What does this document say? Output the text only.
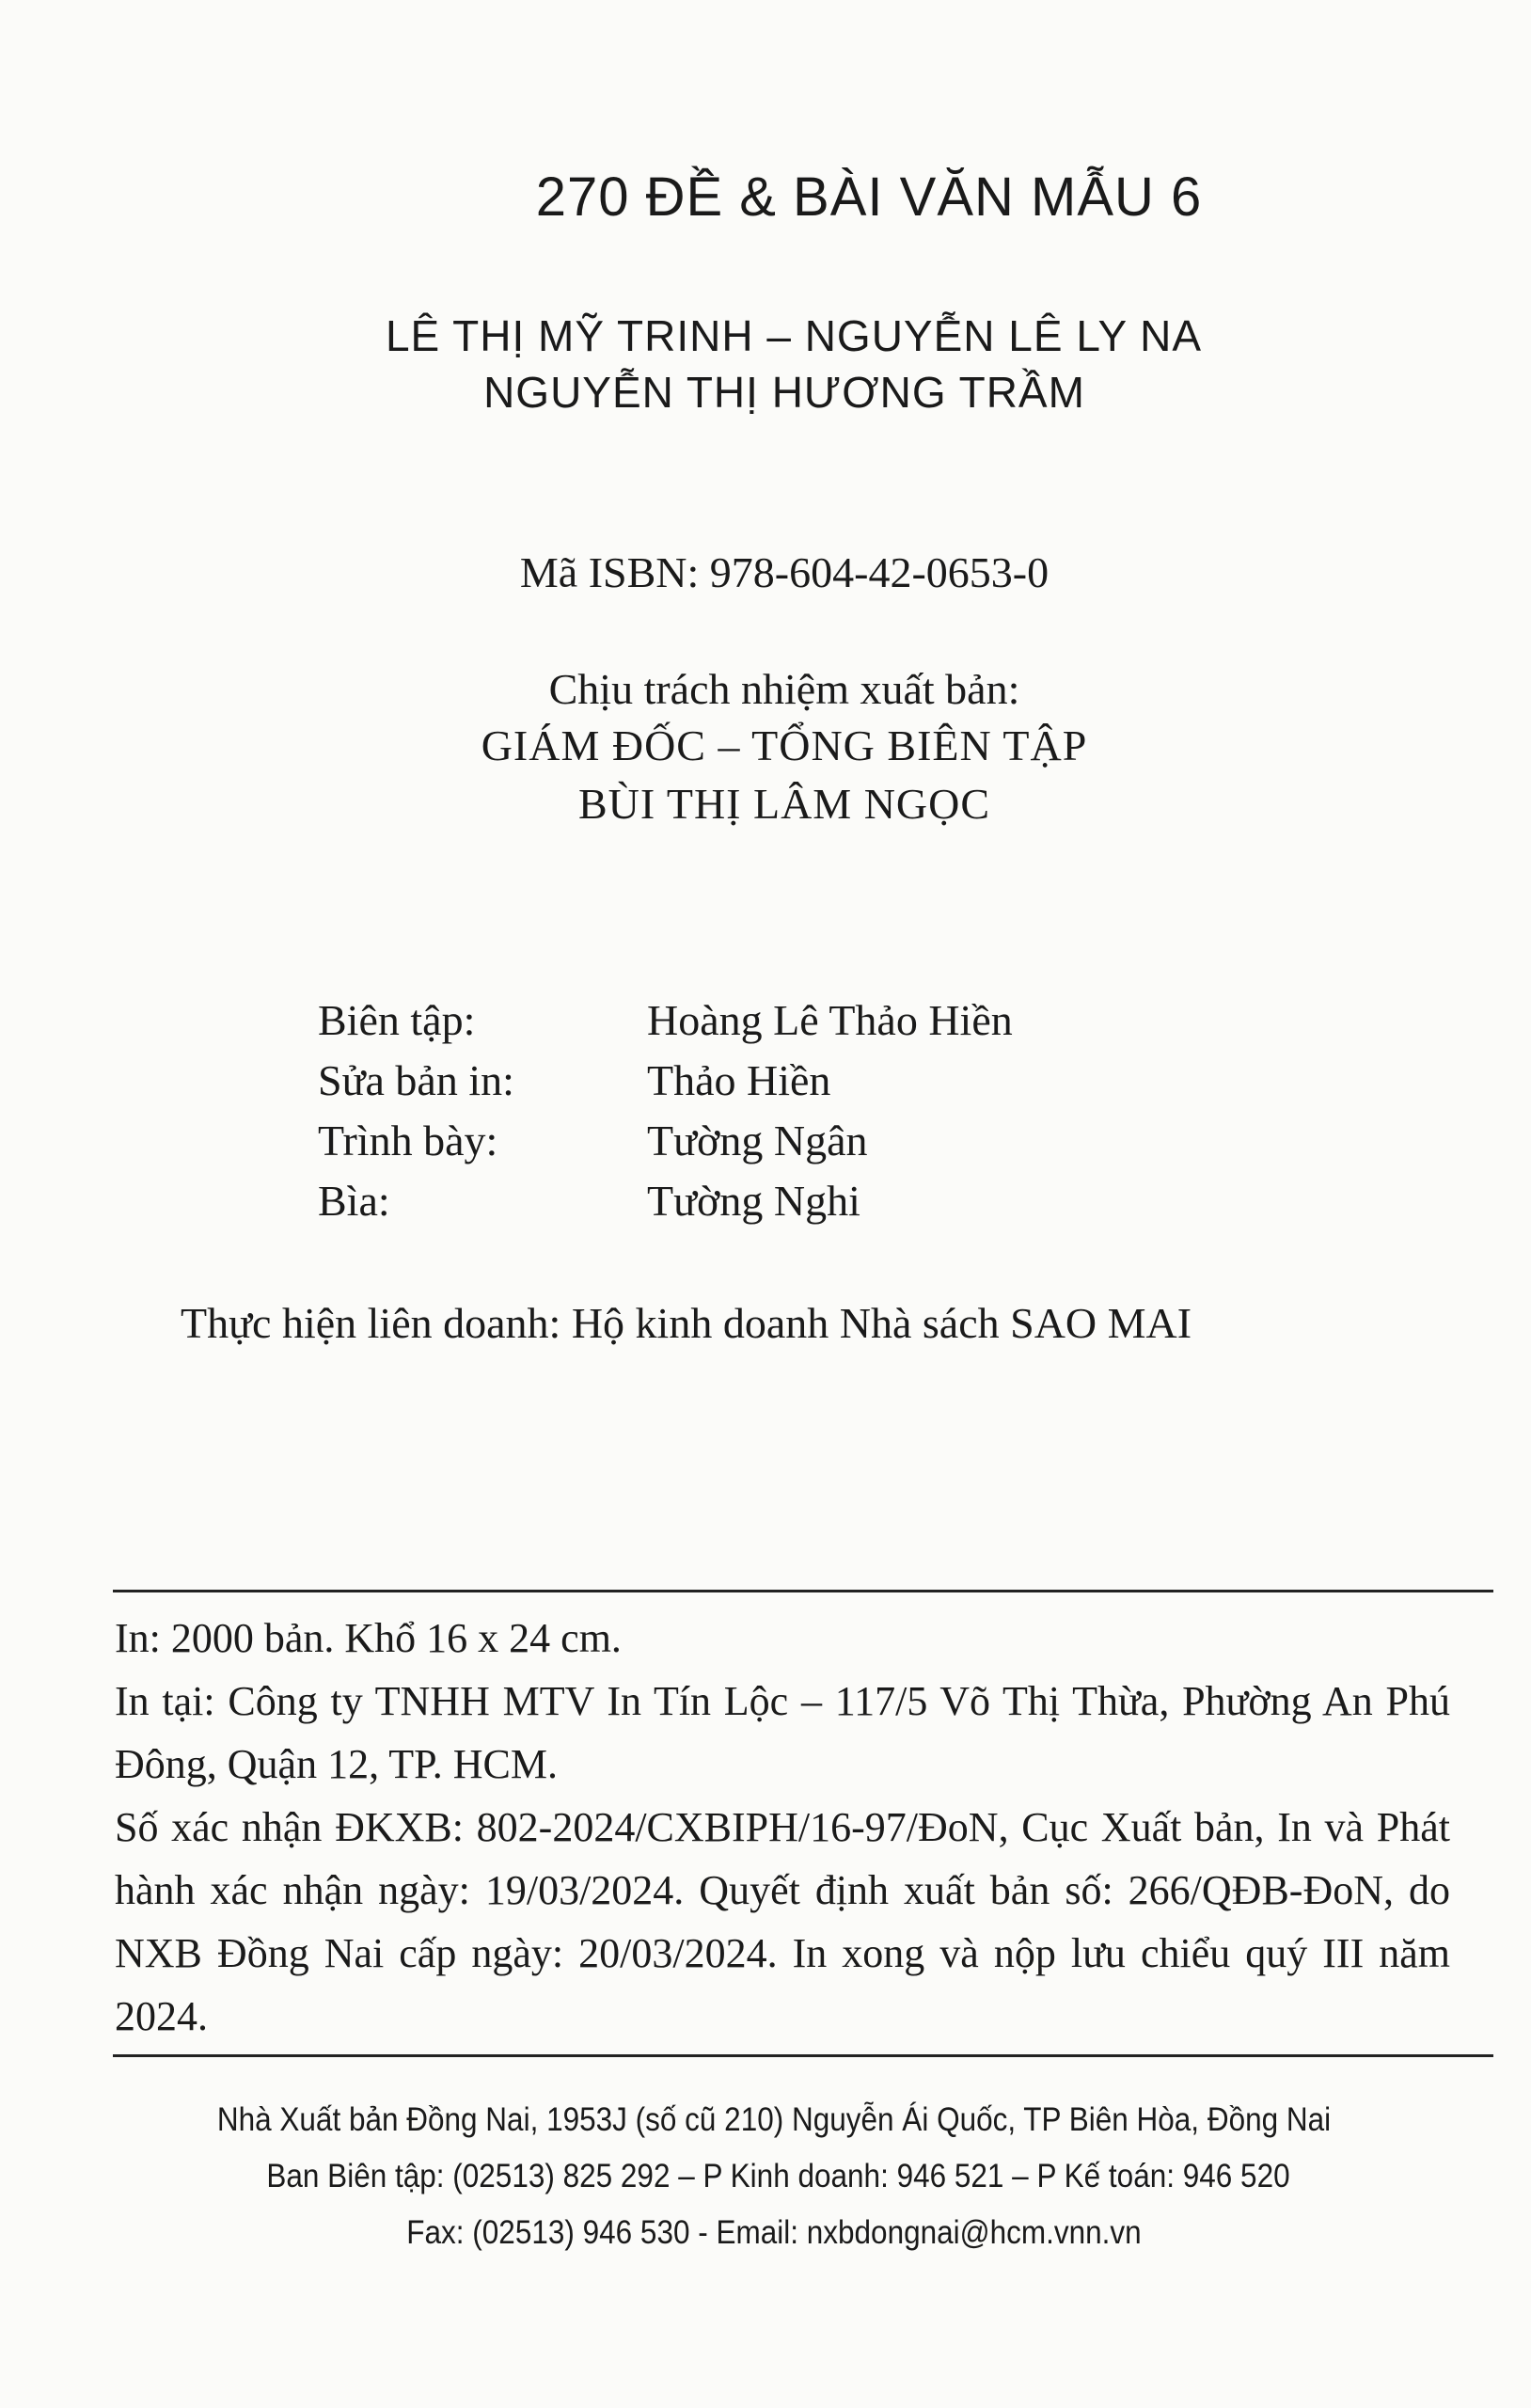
270 ĐỀ & BÀI VĂN MẪU 6
LÊ THỊ MỸ TRINH – NGUYỄN LÊ LY NA
NGUYỄN THỊ HƯƠNG TRẦM
Mã ISBN: 978-604-42-0653-0
Chịu trách nhiệm xuất bản:
GIÁM ĐỐC – TỔNG BIÊN TẬP
BÙI THỊ LÂM NGỌC
Biên tập:	Hoàng Lê Thảo Hiền
Sửa bản in:	Thảo Hiền
Trình bày:	Tường Ngân
Bìa:	Tường Nghi
Thực hiện liên doanh: Hộ kinh doanh Nhà sách SAO MAI

In: 2000 bản. Khổ 16 x 24 cm.

In tại: Công ty TNHH MTV In Tín Lộc – 117/5 Võ Thị Thừa, Phường An Phú Đông, Quận 12, TP. HCM.

Số xác nhận ĐKXB: 802-2024/CXBIPH/16-97/ĐoN, Cục Xuất bản, In và Phát hành xác nhận ngày: 19/03/2024. Quyết định xuất bản số: 266/QĐB-ĐoN, do NXB Đồng Nai cấp ngày: 20/03/2024. In xong và nộp lưu chiểu quý III năm 2024.

Nhà Xuất bản Đồng Nai, 1953J (số cũ 210) Nguyễn Ái Quốc, TP Biên Hòa, Đồng Nai
Ban Biên tập: (02513) 825 292 – P Kinh doanh: 946 521 – P Kế toán: 946 520
Fax: (02513) 946 530 - Email: nxbdongnai@hcm.vnn.vn
